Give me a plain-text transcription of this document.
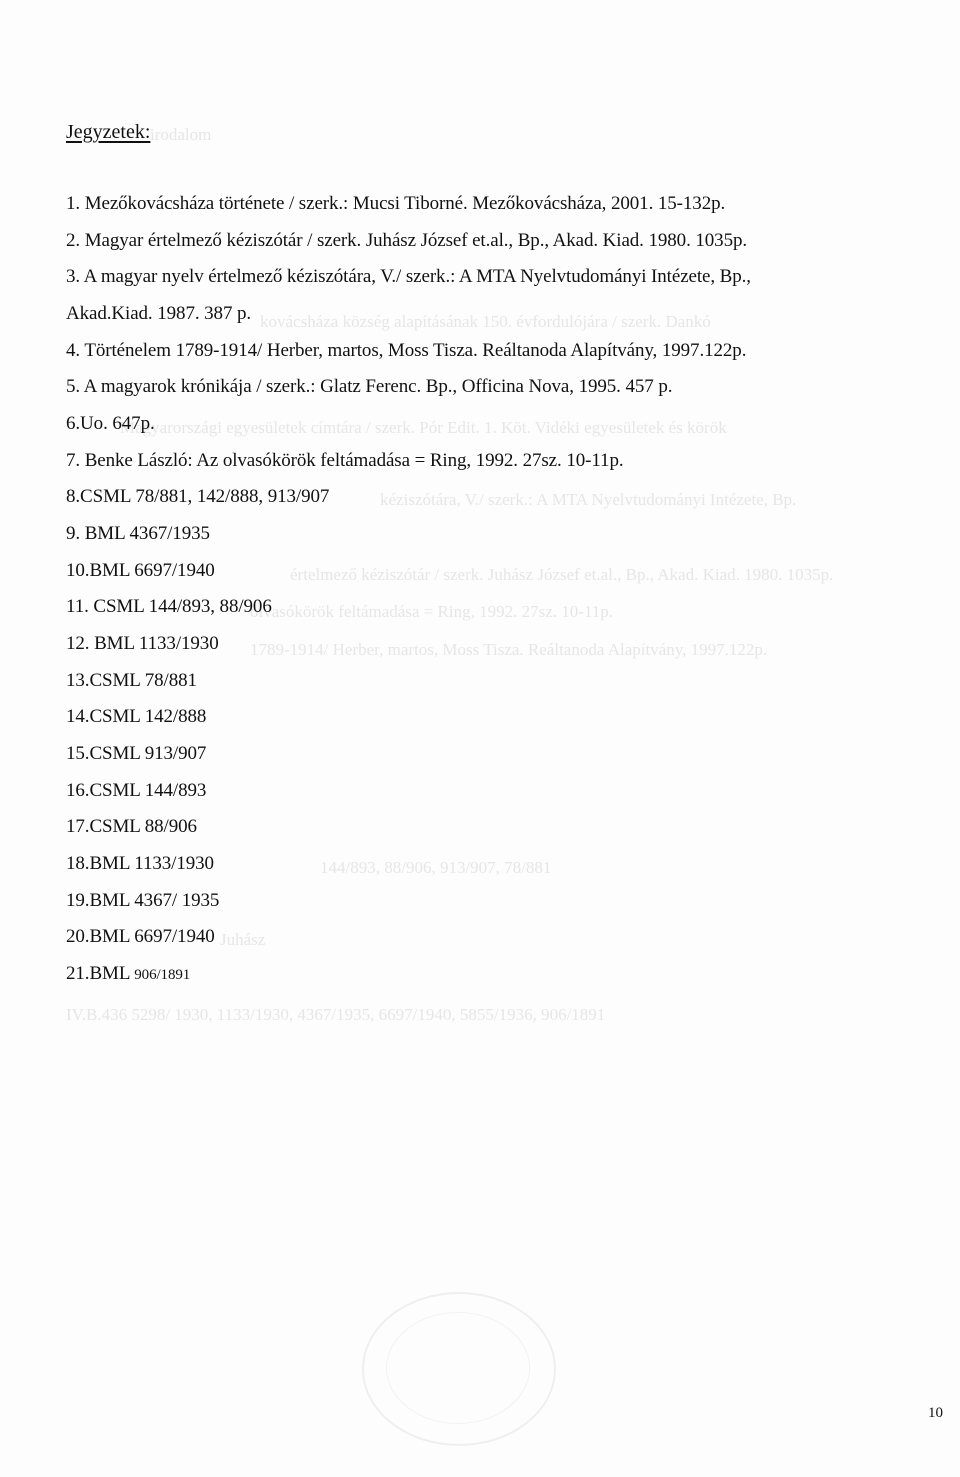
irodalom
kovácsháza község alapításának 150. évfordulójára / szerk. Dankó
Magyarországi egyesületek címtára / szerk. Pór Edit. 1. Köt. Vidéki egyesületek és körök
kéziszótára, V./ szerk.: A MTA Nyelvtudományi Intézete, Bp.
értelmező kéziszótár / szerk. Juhász József et.al., Bp., Akad. Kiad. 1980. 1035p.
olvasókörök feltámadása = Ring, 1992. 27sz. 10-11p.
1789-1914/ Herber, martos, Moss Tisza. Reáltanoda Alapítvány, 1997.122p.
144/893, 88/906, 913/907, 78/881
Juhász
IV.B.436 5298/ 1930, 1133/1930, 4367/1935, 6697/1940, 5855/1936, 906/1891
Jegyzetek:
1. Mezőkovácsháza története / szerk.: Mucsi Tiborné. Mezőkovácsháza, 2001. 15-132p.
2. Magyar értelmező kéziszótár / szerk. Juhász József et.al., Bp., Akad. Kiad. 1980. 1035p.
3. A magyar nyelv értelmező kéziszótára, V./ szerk.: A MTA Nyelvtudományi Intézete, Bp.,
Akad.Kiad. 1987. 387 p.
4. Történelem 1789-1914/ Herber, martos, Moss Tisza. Reáltanoda Alapítvány, 1997.122p.
5. A magyarok krónikája / szerk.: Glatz Ferenc. Bp., Officina Nova, 1995. 457 p.
6.Uo. 647p.
7. Benke László: Az olvasókörök feltámadása = Ring, 1992. 27sz. 10-11p.
8.CSML 78/881, 142/888, 913/907
9. BML 4367/1935
10.BML 6697/1940
11. CSML 144/893, 88/906
12. BML 1133/1930
13.CSML 78/881
14.CSML 142/888
15.CSML 913/907
16.CSML 144/893
17.CSML 88/906
18.BML 1133/1930
19.BML 4367/ 1935
20.BML 6697/1940
21.BML 906/1891
10
